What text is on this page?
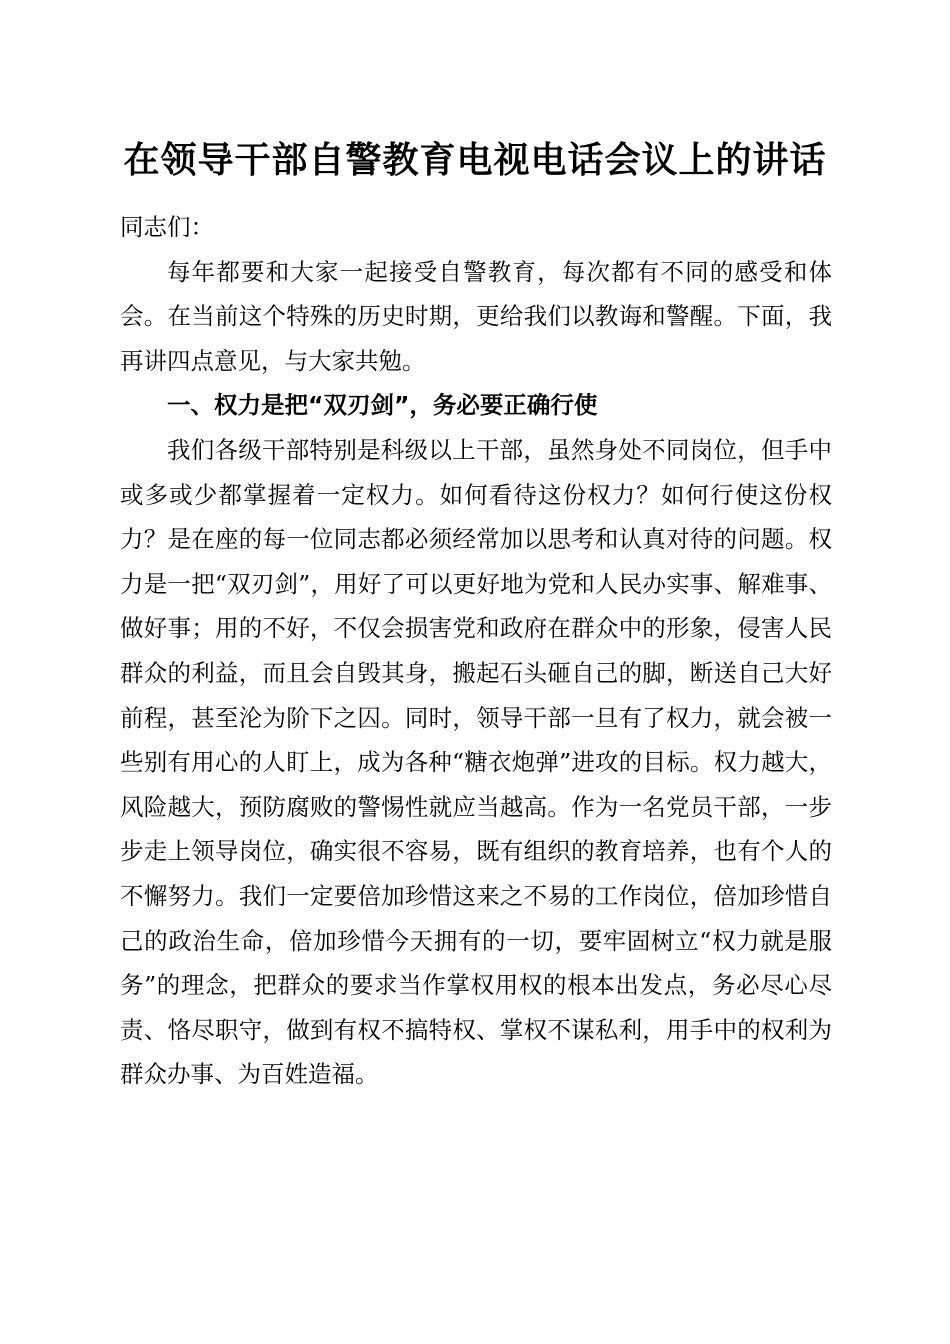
在领导干部自警教育电视电话会议上的讲话

同志们：

每年都要和大家一起接受自警教育，每次都有不同的感受和体会。在当前这个特殊的历史时期，更给我们以教诲和警醒。下面，我再讲四点意见，与大家共勉。

一、权力是把“双刃剑”，务必要正确行使

我们各级干部特别是科级以上干部，虽然身处不同岗位，但手中或多或少都掌握着一定权力。如何看待这份权力？如何行使这份权力？是在座的每一位同志都必须经常加以思考和认真对待的问题。权力是一把“双刃剑”，用好了可以更好地为党和人民办实事、解难事、做好事；用的不好，不仅会损害党和政府在群众中的形象，侵害人民群众的利益，而且会自毁其身，搬起石头砸自己的脚，断送自己大好前程，甚至沦为阶下之囚。同时，领导干部一旦有了权力，就会被一些别有用心的人盯上，成为各种“糖衣炮弹”进攻的目标。权力越大，风险越大，预防腐败的警惕性就应当越高。作为一名党员干部，一步步走上领导岗位，确实很不容易，既有组织的教育培养，也有个人的不懈努力。我们一定要倍加珍惜这来之不易的工作岗位，倍加珍惜自己的政治生命，倍加珍惜今天拥有的一切，要牢固树立“权力就是服务”的理念，把群众的要求当作掌权用权的根本出发点，务必尽心尽责、恪尽职守，做到有权不搞特权、掌权不谋私利，用手中的权利为群众办事、为百姓造福。
